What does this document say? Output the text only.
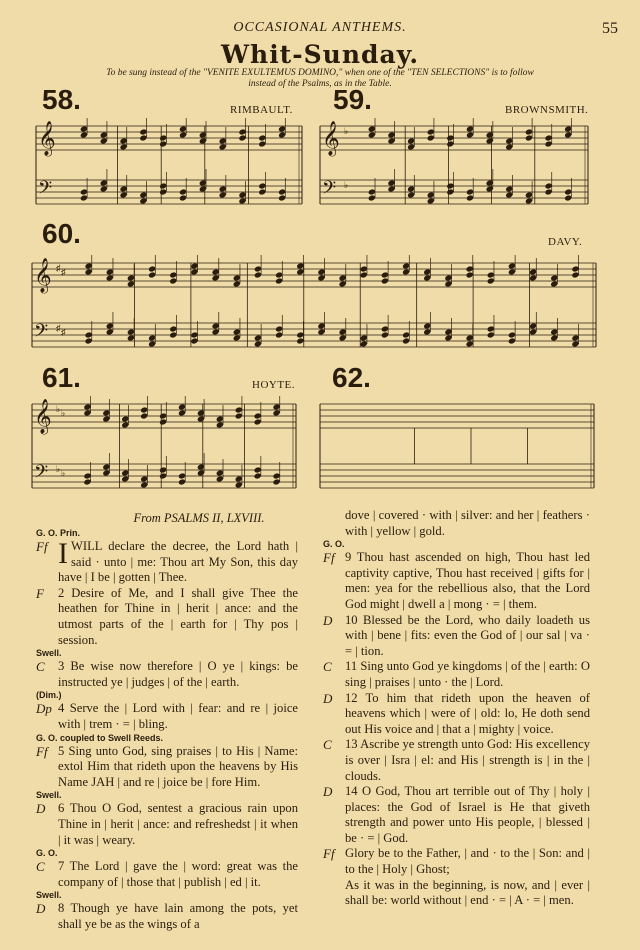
OCCASIONAL ANTHEMS.	55
Whit-Sunday.
To be sung instead of the "VENITE EXULTEMUS DOMINO," when one of the "TEN SELECTIONS" is to follow
instead of the Psalms, as in the Table.
58.	RIMBAULT. 59.	BROWNSMITH.
60.	DAVY.
61.	HOYTE. 62.
𝄞
𝄢
𝄞 ♭
𝄢 ♭
𝄞 ♯ ♯
𝄢 ♯ ♯
𝄞 ♭ ♭
𝄢 ♭ ♭
From PSALMS II, LXVIII.
G. O. Prin.
Ff I WILL declare the decree, the Lord hath | said · unto | me: Thou art My Son, this day have | I be | gotten | Thee.
F 2 Desire of Me, and I shall give Thee the heathen for Thine in | herit | ance: and the utmost parts of the | earth for | Thy pos | session.
Swell.
C 3 Be wise now therefore | O ye | kings: be instructed ye | judges | of the | earth.
(Dim.)
Dp 4 Serve the | Lord with | fear: and re | joice with | trem · = | bling.
G. O. coupled to Swell Reeds.
Ff 5 Sing unto God, sing praises | to His | Name: extol Him that rideth upon the heavens by His Name JAH | and re | joice be | fore Him.
Swell.
D 6 Thou O God, sentest a gracious rain upon Thine in | herit | ance: and refreshedst | it when | it was | weary.
G. O.
C 7 The Lord | gave the | word: great was the company of | those that | publish | ed | it.
Swell.
D 8 Though ye have lain among the pots, yet shall ye be as the wings of a
dove | covered · with | silver: and her | feathers · with | yellow | gold.
G. O.
Ff 9 Thou hast ascended on high, Thou hast led captivity captive, Thou hast received | gifts for | men: yea for the rebellious also, that the Lord God might | dwell a | mong · = | them.
D 10 Blessed be the Lord, who daily loadeth us with | bene | fits: even the God of | our sal | va · = | tion.
C 11 Sing unto God ye kingdoms | of the | earth: O sing | praises | unto · the | Lord.
D 12 To him that rideth upon the heaven of heavens which | were of | old: lo, He doth send out His voice and | that a | mighty | voice.
C 13 Ascribe ye strength unto God: His excellency is over | Isra | el: and His | strength is | in the | clouds.
D 14 O God, Thou art terrible out of Thy | holy | places: the God of Israel is He that giveth strength and power unto His people, | blessed | be · = | God.
Ff Glory be to the Father, | and · to the | Son: and | to the | Holy | Ghost;
As it was in the beginning, is now, and | ever | shall be: world without | end · = | A · = | men.
